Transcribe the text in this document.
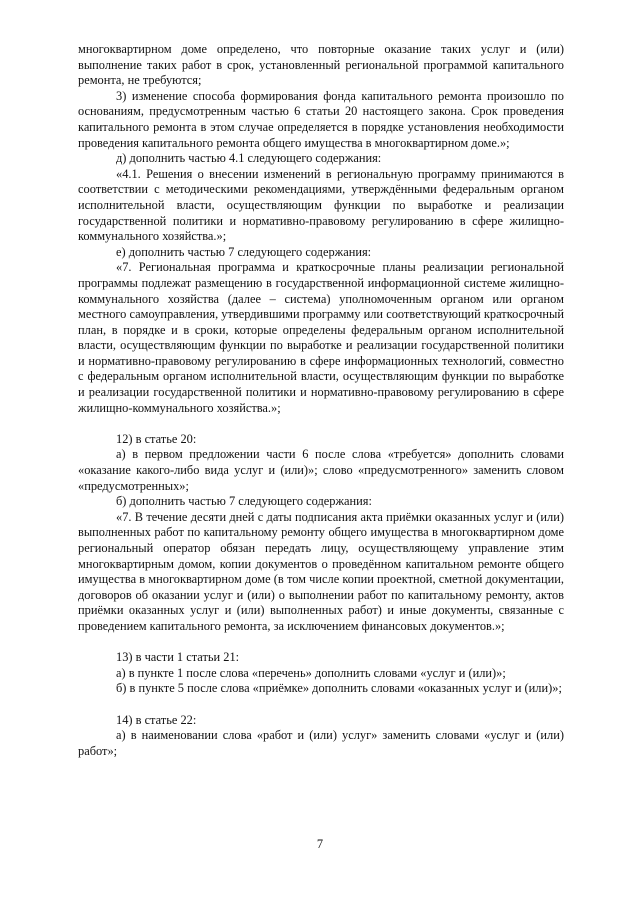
многоквартирном доме определено, что повторные оказание таких услуг и (или) выполнение таких работ в срок, установленный региональной программой капитального ремонта, не требуются;

3) изменение способа формирования фонда капитального ремонта произошло по основаниям, предусмотренным частью 6 статьи 20 настоящего закона. Срок проведения капитального ремонта в этом случае определяется в порядке установления необходимости проведения капитального ремонта общего имущества в многоквартирном доме.»;

д) дополнить частью 4.1 следующего содержания:

«4.1. Решения о внесении изменений в региональную программу принимаются в соответствии с методическими рекомендациями, утверждёнными федеральным органом исполнительной власти, осуществляющим функции по выработке и реализации государственной политики и нормативно-правовому регулированию в сфере жилищно-коммунального хозяйства.»;

е) дополнить частью 7 следующего содержания:

«7. Региональная программа и краткосрочные планы реализации региональной программы подлежат размещению в государственной информационной системе жилищно-коммунального хозяйства (далее – система) уполномоченным органом или органом местного самоуправления, утвердившими программу или соответствующий краткосрочный план, в порядке и в сроки, которые определены федеральным органом исполнительной власти, осуществляющим функции по выработке и реализации государственной политики и нормативно-правовому регулированию в сфере информационных технологий, совместно с федеральным органом исполнительной власти, осуществляющим функции по выработке и реализации государственной политики и нормативно-правовому регулированию в сфере жилищно-коммунального хозяйства.»;

12) в статье 20:

а) в первом предложении части 6 после слова «требуется» дополнить словами «оказание какого-либо вида услуг и (или)»; слово «предусмотренного» заменить словом «предусмотренных»;

б) дополнить частью 7 следующего содержания:

«7. В течение десяти дней с даты подписания акта приёмки оказанных услуг и (или) выполненных работ по капитальному ремонту общего имущества в многоквартирном доме региональный оператор обязан передать лицу, осуществляющему управление этим многоквартирным домом, копии документов о проведённом капитальном ремонте общего имущества в многоквартирном доме (в том числе копии проектной, сметной документации, договоров об оказании услуг и (или) о выполнении работ по капитальному ремонту, актов приёмки оказанных услуг и (или) выполненных работ) и иные документы, связанные с проведением капитального ремонта, за исключением финансовых документов.»;

13) в части 1 статьи 21:

а) в пункте 1 после слова «перечень» дополнить словами «услуг и (или)»;

б) в пункте 5 после слова «приёмке» дополнить словами «оказанных услуг и (или)»;

14) в статье 22:

а) в наименовании слова «работ и (или) услуг» заменить словами «услуг и (или) работ»;

7
